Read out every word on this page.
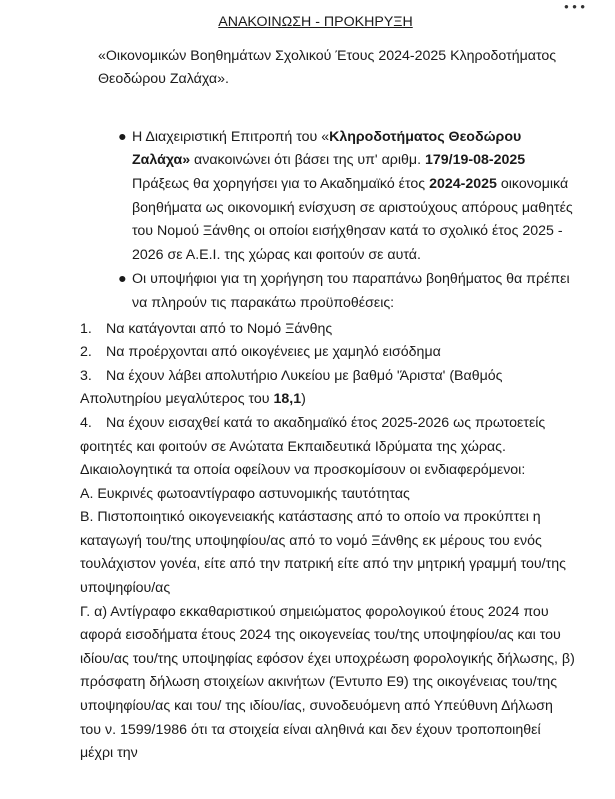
• • •
ΑΝΑΚΟΙΝΩΣΗ - ΠΡΟΚΗΡΥΞΗ
«Οικονομικών Βοηθημάτων Σχολικού Έτους 2024-2025 Κληροδοτήματος Θεοδώρου Ζαλάχα».
● Η Διαχειριστική Επιτροπή του «Κληροδοτήματος Θεοδώρου Ζαλάχα» ανακοινώνει ότι βάσει της υπ' αριθμ. 179/19-08-2025 Πράξεως θα χορηγήσει για το Ακαδημαϊκό έτος 2024-2025 οικονομικά βοηθήματα ως οικονομική ενίσχυση σε αριστούχους απόρους μαθητές του Νομού Ξάνθης οι οποίοι εισήχθησαν κατά το σχολικό έτος 2025 - 2026 σε Α.Ε.Ι. της χώρας και φοιτούν σε αυτά.
● Οι υποψήφιοι για τη χορήγηση του παραπάνω βοηθήματος θα πρέπει να πληρούν τις παρακάτω προϋποθέσεις:
1. Να κατάγονται από το Νομό Ξάνθης
2. Να προέρχονται από οικογένειες με χαμηλό εισόδημα
3. Να έχουν λάβει απολυτήριο Λυκείου με βαθμό 'Άριστα' (Βαθμός Απολυτηρίου μεγαλύτερος του 18,1)
4. Να έχουν εισαχθεί κατά το ακαδημαϊκό έτος 2025-2026 ως πρωτοετείς φοιτητές και φοιτούν σε Ανώτατα Εκπαιδευτικά Ιδρύματα της χώρας.
Δικαιολογητικά τα οποία οφείλουν να προσκομίσουν οι ενδιαφερόμενοι:
Α. Ευκρινές φωτοαντίγραφο αστυνομικής ταυτότητας
Β. Πιστοποιητικό οικογενειακής κατάστασης από το οποίο να προκύπτει η καταγωγή του/της υποψηφίου/ας από το νομό Ξάνθης εκ μέρους του ενός τουλάχιστον γονέα, είτε από την πατρική είτε από την μητρική γραμμή του/της υποψηφίου/ας
Γ. α) Αντίγραφο εκκαθαριστικού σημειώματος φορολογικού έτους 2024 που αφορά εισοδήματα έτους 2024 της οικογενείας του/της υποψηφίου/ας και του ιδίου/ας του/της υποψηφίας εφόσον έχει υποχρέωση φορολογικής δήλωσης, β) πρόσφατη δήλωση στοιχείων ακινήτων (Έντυπο Ε9) της οικογένειας του/της υποψηφίου/ας και του/ της ιδίου/ίας, συνοδευόμενη από Υπεύθυνη Δήλωση του ν. 1599/1986 ότι τα στοιχεία είναι αληθινά και δεν έχουν τροποποιηθεί μέχρι την
